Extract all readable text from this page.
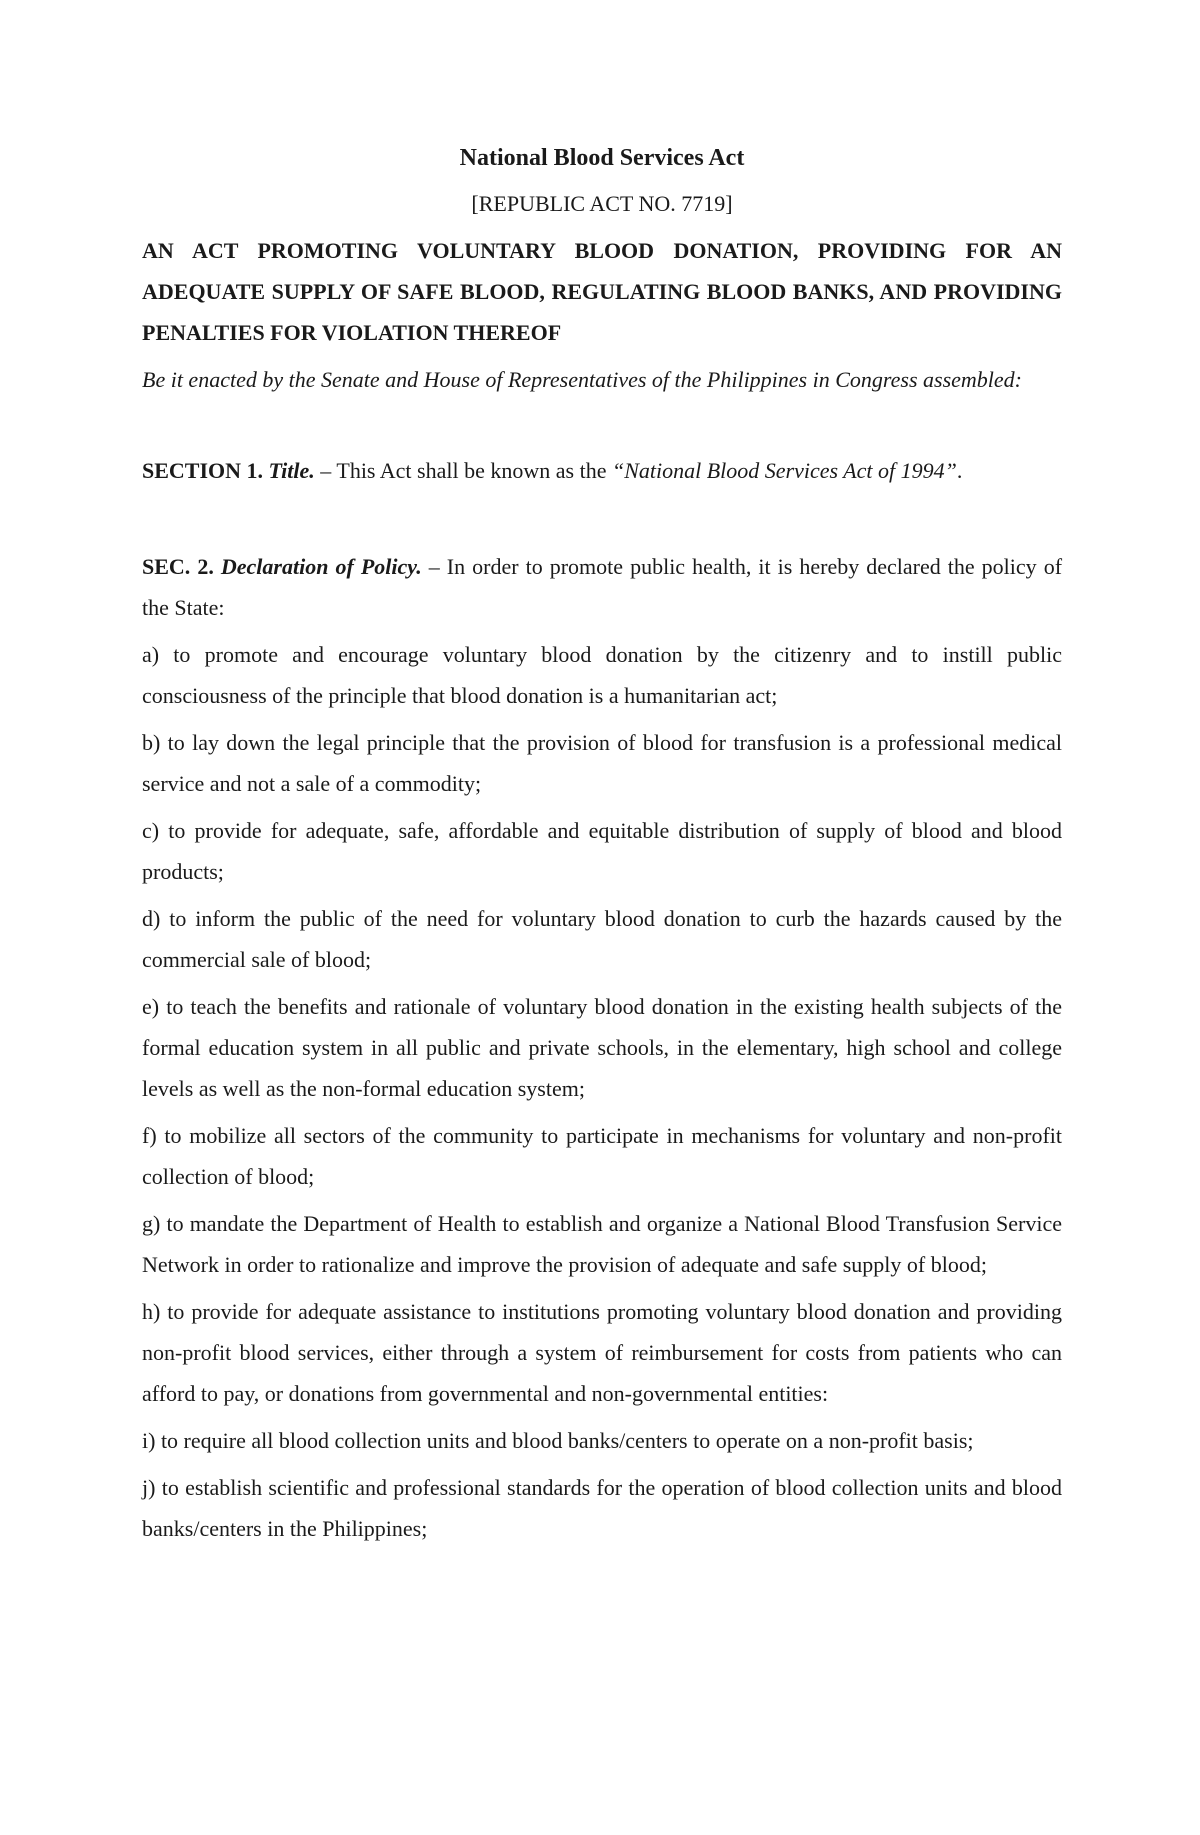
National Blood Services Act
[REPUBLIC ACT NO. 7719]
AN ACT PROMOTING VOLUNTARY BLOOD DONATION, PROVIDING FOR AN ADEQUATE SUPPLY OF SAFE BLOOD, REGULATING BLOOD BANKS, AND PROVIDING PENALTIES FOR VIOLATION THEREOF
Be it enacted by the Senate and House of Representatives of the Philippines in Congress assembled:
SECTION 1. Title. – This Act shall be known as the “National Blood Services Act of 1994”.
SEC. 2. Declaration of Policy. – In order to promote public health, it is hereby declared the policy of the State:
a) to promote and encourage voluntary blood donation by the citizenry and to instill public consciousness of the principle that blood donation is a humanitarian act;
b) to lay down the legal principle that the provision of blood for transfusion is a professional medical service and not a sale of a commodity;
c) to provide for adequate, safe, affordable and equitable distribution of supply of blood and blood products;
d) to inform the public of the need for voluntary blood donation to curb the hazards caused by the commercial sale of blood;
e) to teach the benefits and rationale of voluntary blood donation in the existing health subjects of the formal education system in all public and private schools, in the elementary, high school and college levels as well as the non-formal education system;
f) to mobilize all sectors of the community to participate in mechanisms for voluntary and non-profit collection of blood;
g) to mandate the Department of Health to establish and organize a National Blood Transfusion Service Network in order to rationalize and improve the provision of adequate and safe supply of blood;
h) to provide for adequate assistance to institutions promoting voluntary blood donation and providing non-profit blood services, either through a system of reimbursement for costs from patients who can afford to pay, or donations from governmental and non-governmental entities:
i) to require all blood collection units and blood banks/centers to operate on a non-profit basis;
j) to establish scientific and professional standards for the operation of blood collection units and blood banks/centers in the Philippines;
